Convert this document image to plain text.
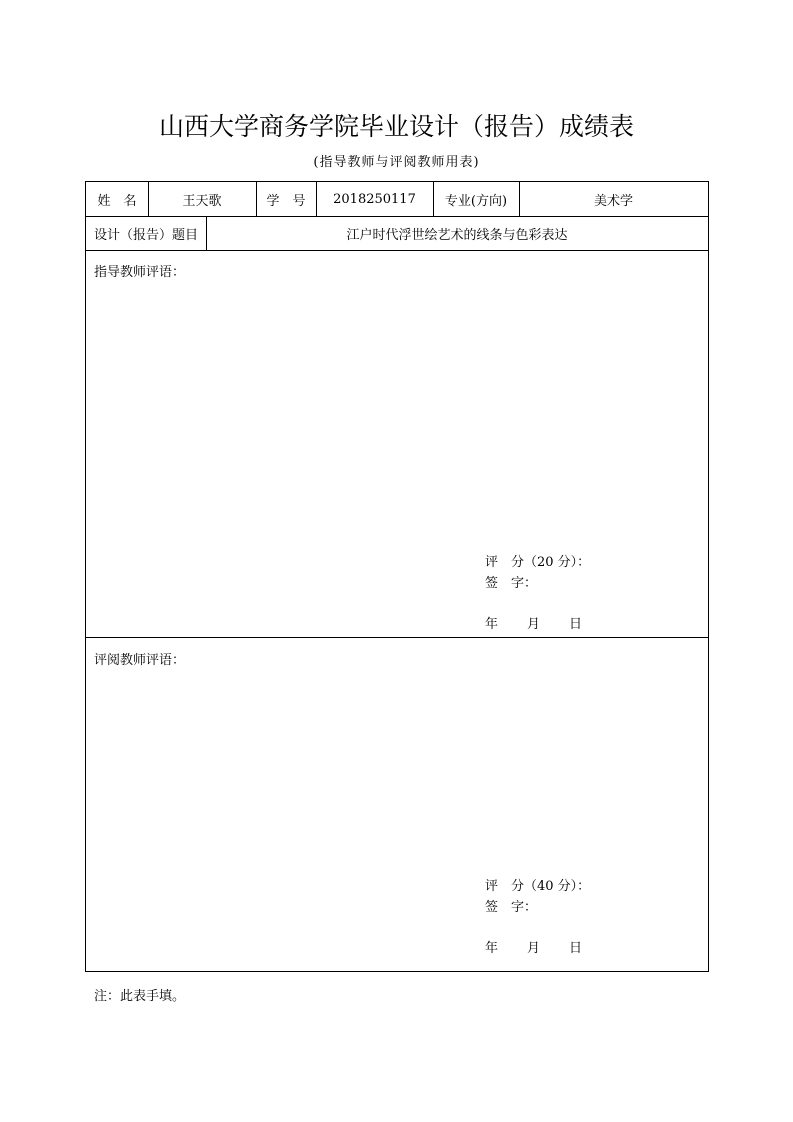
山西大学商务学院毕业设计（报告）成绩表
(指导教师与评阅教师用表)
姓　名	王天歌	学　号	2018250117	专业(方向)	美术学
设计（报告）题目	江户时代浮世绘艺术的线条与色彩表达
指导教师评语：
评　分（20 分）：
签　字：
年 月 日
评阅教师评语：
评　分（40 分）：
签　字：
年 月 日
注：此表手填。
